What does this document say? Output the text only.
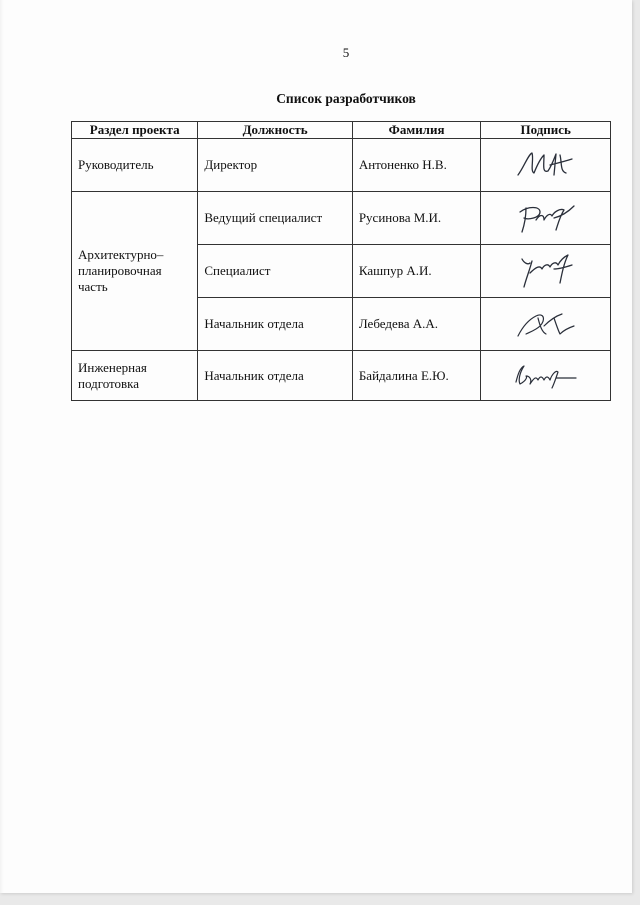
5
Список разработчиков
Раздел проекта	Должность	Фамилия	Подпись
Руководитель	Директор	Антоненко Н.В.	

Архитектурно–планировочная часть	Ведущий специалист	Русинова М.И.	

	Специалист	Кашпур А.И.	

	Начальник отдела	Лебедева А.А.	

Инженерная подготовка	Начальник отдела	Байдалина Е.Ю.	
